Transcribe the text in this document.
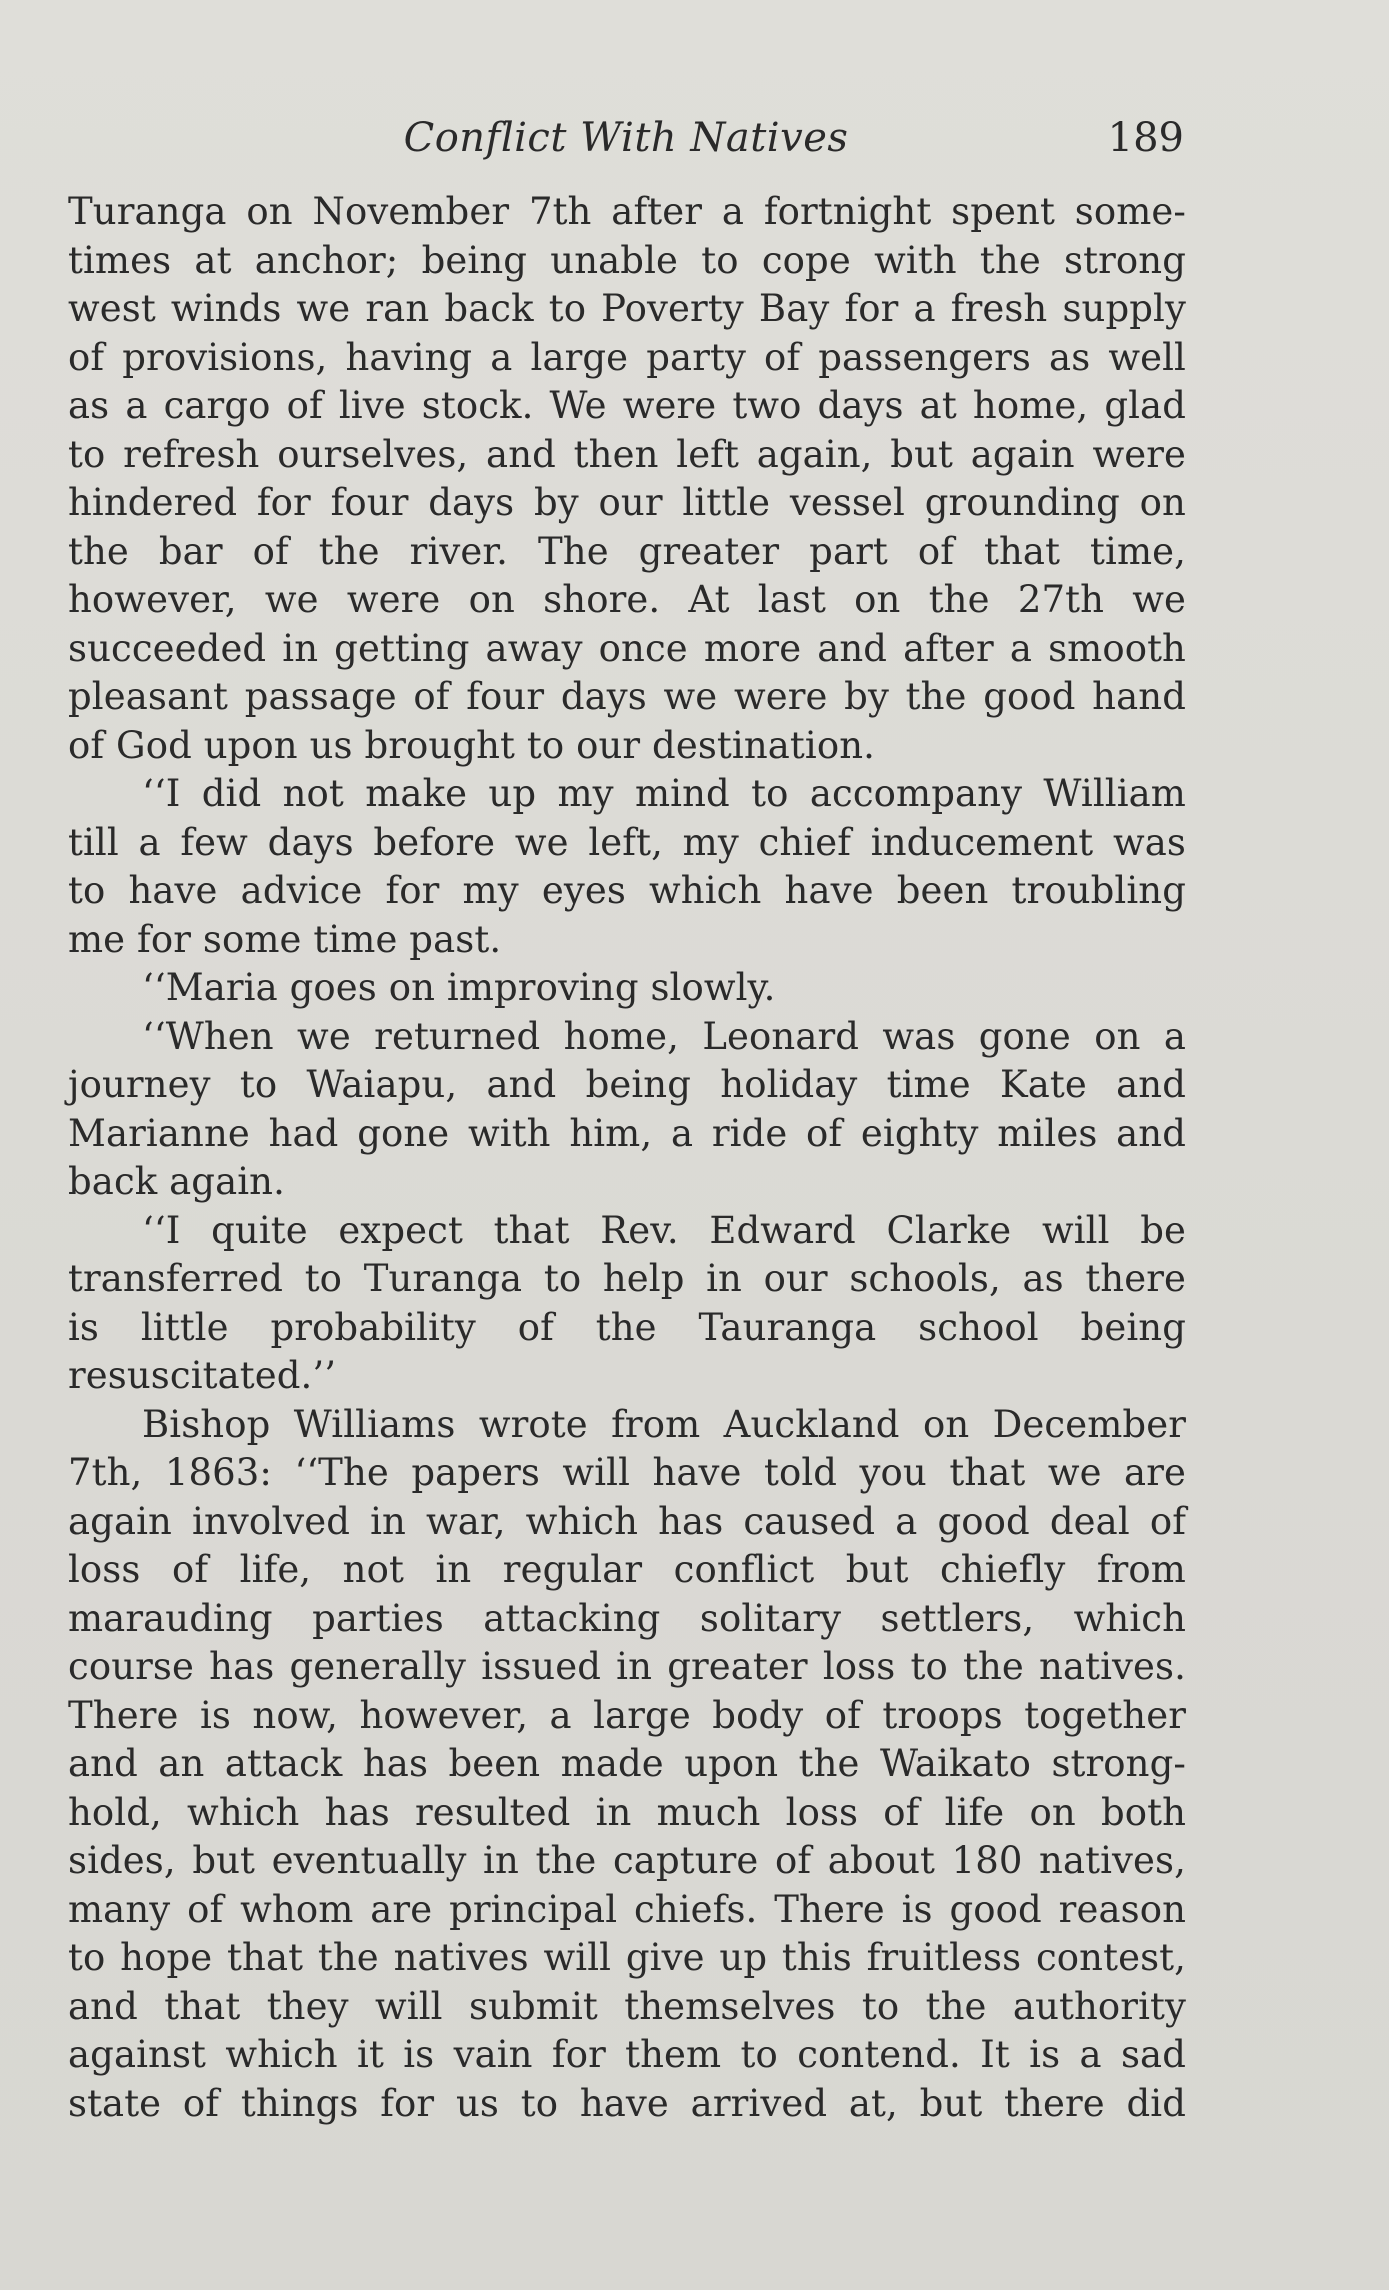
Conflict With Natives	189
Turanga on November 7th after a fortnight spent some-
times at anchor; being unable to cope with the strong
west winds we ran back to Poverty Bay for a fresh supply
of provisions, having a large party of passengers as well
as a cargo of live stock. We were two days at home, glad
to refresh ourselves, and then left again, but again were
hindered for four days by our little vessel grounding on
the bar of the river. The greater part of that time,
however, we were on shore. At last on the 27th we
succeeded in getting away once more and after a smooth
pleasant passage of four days we were by the good hand
of God upon us brought to our destination.
‘‘I did not make up my mind to accompany William
till a few days before we left, my chief inducement was
to have advice for my eyes which have been troubling
me for some time past.
‘‘Maria goes on improving slowly.
‘‘When we returned home, Leonard was gone on a
journey to Waiapu, and being holiday time Kate and
Marianne had gone with him, a ride of eighty miles and
back again.
‘‘I quite expect that Rev. Edward Clarke will be
transferred to Turanga to help in our schools, as there
is little probability of the Tauranga school being
resuscitated.’’
Bishop Williams wrote from Auckland on December
7th, 1863: ‘‘The papers will have told you that we are
again involved in war, which has caused a good deal of
loss of life, not in regular conflict but chiefly from
marauding parties attacking solitary settlers, which
course has generally issued in greater loss to the natives.
There is now, however, a large body of troops together
and an attack has been made upon the Waikato strong-
hold, which has resulted in much loss of life on both
sides, but eventually in the capture of about 180 natives,
many of whom are principal chiefs. There is good reason
to hope that the natives will give up this fruitless contest,
and that they will submit themselves to the authority
against which it is vain for them to contend. It is a sad
state of things for us to have arrived at, but there did
